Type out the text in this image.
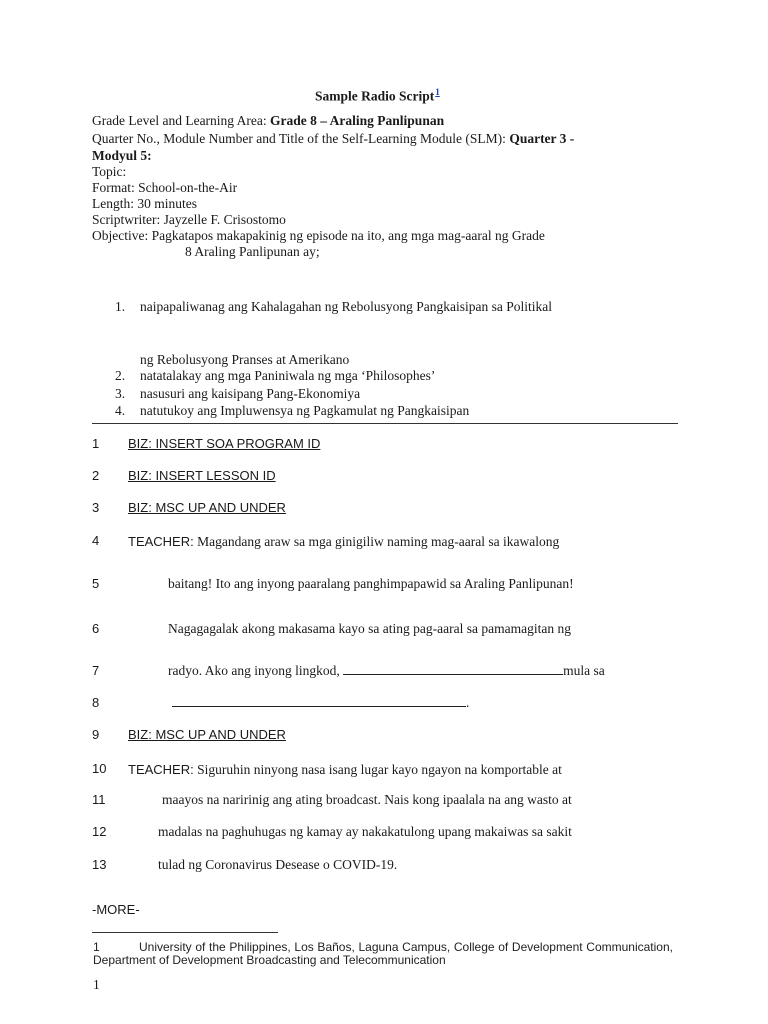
Sample Radio Script$^1$
Grade Level and Learning Area: Grade 8 – Araling Panlipunan
Quarter No., Module Number and Title of the Self-Learning Module (SLM): Quarter 3 -
Modyul 5:
Topic:
Format: School-on-the-Air
Length: 30 minutes
Scriptwriter: Jayzelle F. Crisostomo
Objective: Pagkatapos makapakinig ng episode na ito, ang mga mag-aaral ng Grade
8 Araling Panlipunan ay;
1. naipapaliwanag ang Kahalagahan ng Rebolusyong Pangkaisipan sa Politikal
ng Rebolusyong Pranses at Amerikano
2. natatalakay ang mga Paniniwala ng mga ‘Philosophes’
3. nasusuri ang kaisipang Pang-Ekonomiya
4. natutukoy ang Impluwensya ng Pagkamulat ng Pangkaisipan
1 BIZ: INSERT SOA PROGRAM ID
2 BIZ: INSERT LESSON ID
3 BIZ: MSC UP AND UNDER
4 TEACHER: Magandang araw sa mga ginigiliw naming mag-aaral sa ikawalong
5	baitang! Ito ang inyong paaralang panghimpapawid sa Araling Panlipunan!
6	Nagagagalak akong makasama kayo sa ating pag-aaral sa pamamagitan ng
7	radyo. Ako ang inyong lingkod,	mula sa
8	.
9 BIZ: MSC UP AND UNDER
10 TEACHER: Siguruhin ninyong nasa isang lugar kayo ngayon na komportable at
11	maayos na naririnig ang ating broadcast. Nais kong ipaalala na ang wasto at
12	madalas na paghuhugas ng kamay ay nakakatulong upang makaiwas sa sakit
13	tulad ng Coronavirus Desease o COVID-19.
-MORE-
1	University of the Philippines, Los Baños, Laguna Campus, College of Development Communication, Department of Development Broadcasting and Telecommunication
1
